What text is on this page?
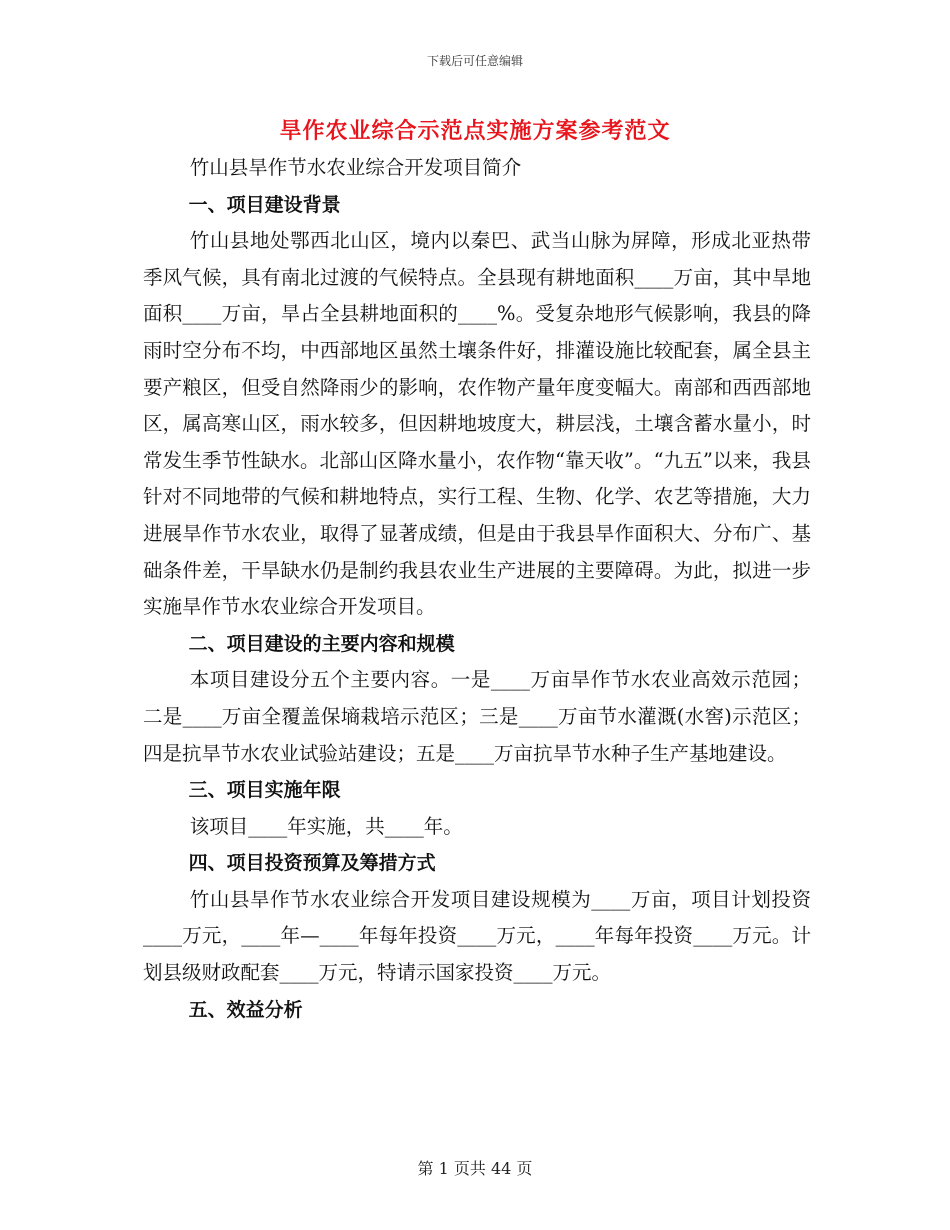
下载后可任意编辑
旱作农业综合示范点实施方案参考范文

竹山县旱作节水农业综合开发项目简介

一、项目建设背景

竹山县地处鄂西北山区，境内以秦巴、武当山脉为屏障，形成北亚热带季风气候，具有南北过渡的气候特点。全县现有耕地面积____万亩，其中旱地面积____万亩，旱占全县耕地面积的____%。受复杂地形气候影响，我县的降雨时空分布不均，中西部地区虽然土壤条件好，排灌设施比较配套，属全县主要产粮区，但受自然降雨少的影响，农作物产量年度变幅大。南部和西西部地区，属高寒山区，雨水较多，但因耕地坡度大，耕层浅，土壤含蓄水量小，时常发生季节性缺水。北部山区降水量小，农作物“靠天收”。“九五”以来，我县针对不同地带的气候和耕地特点，实行工程、生物、化学、农艺等措施，大力进展旱作节水农业，取得了显著成绩，但是由于我县旱作面积大、分布广、基础条件差，干旱缺水仍是制约我县农业生产进展的主要障碍。为此，拟进一步实施旱作节水农业综合开发项目。

二、项目建设的主要内容和规模

本项目建设分五个主要内容。一是____万亩旱作节水农业高效示范园；二是____万亩全覆盖保墒栽培示范区；三是____万亩节水灌溉(水窖)示范区；四是抗旱节水农业试验站建设；五是____万亩抗旱节水种子生产基地建设。

三、项目实施年限

该项目____年实施，共____年。

四、项目投资预算及筹措方式

竹山县旱作节水农业综合开发项目建设规模为____万亩，项目计划投资____万元，____年—____年每年投资____万元，____年每年投资____万元。计划县级财政配套____万元，特请示国家投资____万元。

五、效益分析

第 1 页共 44 页
